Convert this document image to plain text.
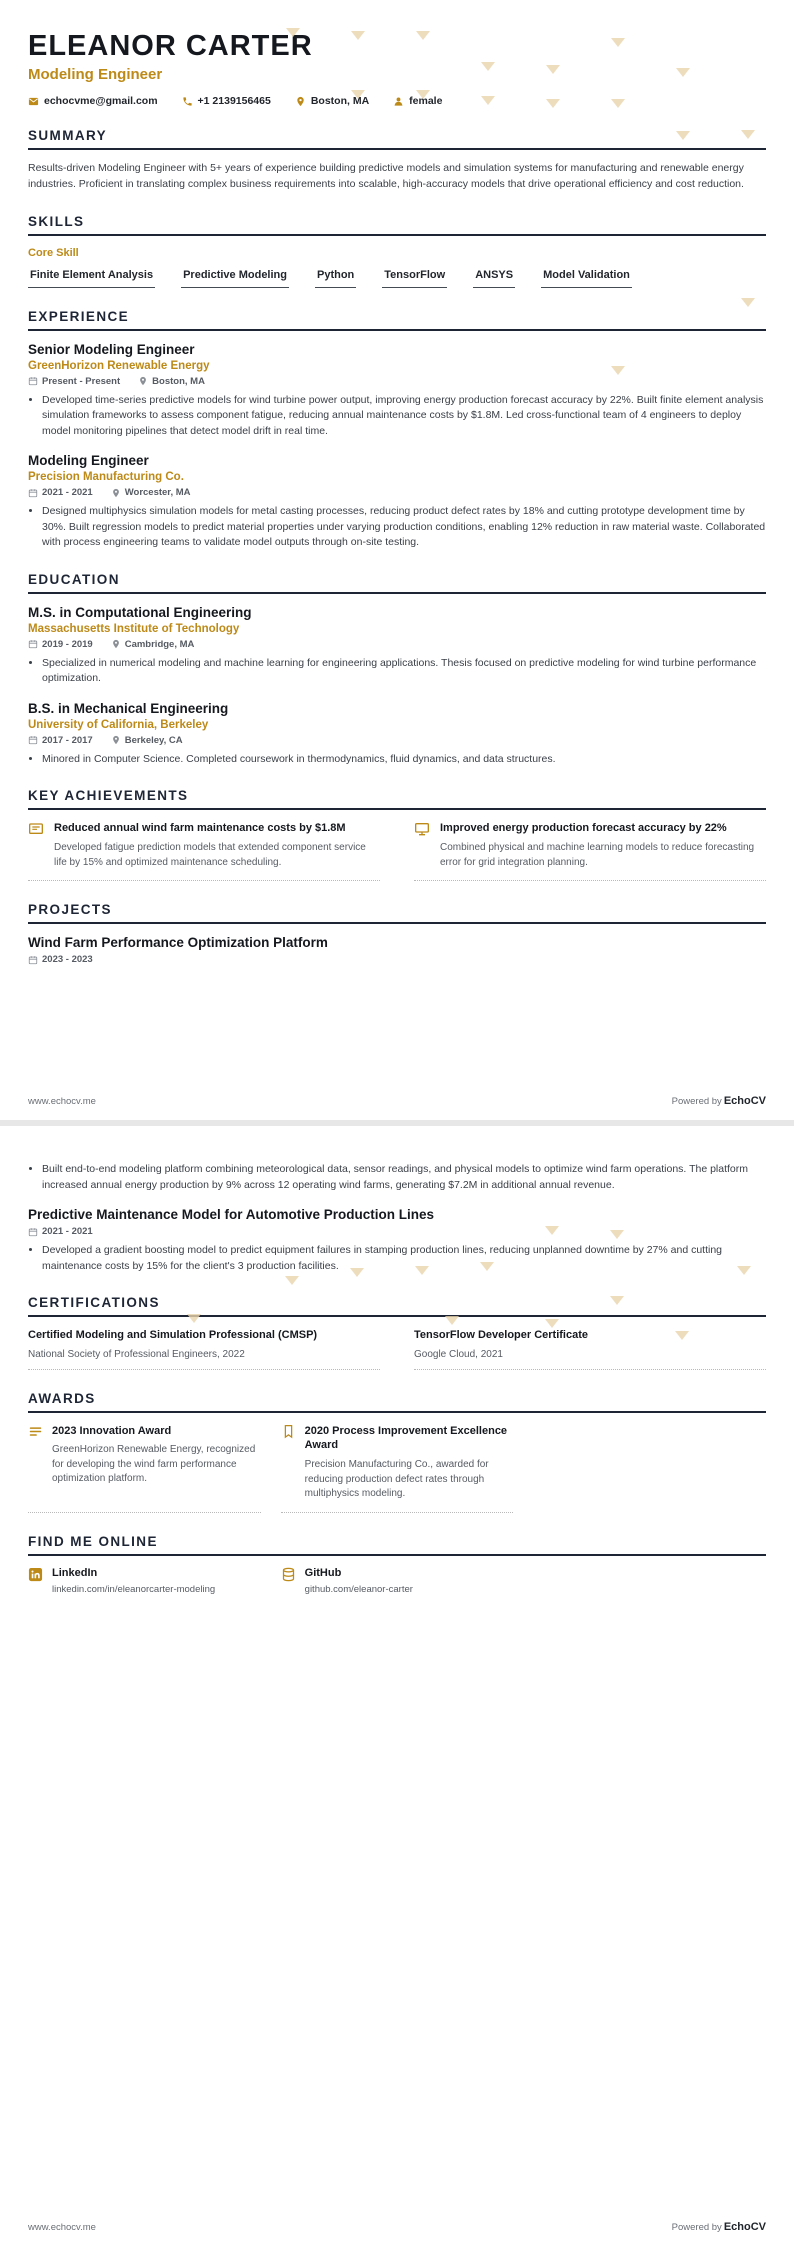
ELEANOR CARTER
Modeling Engineer
echocvme@gmail.com	+1 2139156465	Boston, MA	female
SUMMARY

Results-driven Modeling Engineer with 5+ years of experience building predictive models and simulation systems for manufacturing and renewable energy industries. Proficient in translating complex business requirements into scalable, high-accuracy models that drive operational efficiency and cost reduction.

SKILLS
Core Skill
Finite Element Analysis	Predictive Modeling	Python	TensorFlow	ANSYS	Model Validation
EXPERIENCE
Senior Modeling Engineer
GreenHorizon Renewable Energy
Present - Present	Boston, MA
• Developed time-series predictive models for wind turbine power output, improving energy production forecast accuracy by 22%. Built finite element analysis simulation frameworks to assess component fatigue, reducing annual maintenance costs by $1.8M. Led cross-functional team of 4 engineers to deploy model monitoring pipelines that detect model drift in real time.
Modeling Engineer
Precision Manufacturing Co.
2021 - 2021	Worcester, MA
• Designed multiphysics simulation models for metal casting processes, reducing product defect rates by 18% and cutting prototype development time by 30%. Built regression models to predict material properties under varying production conditions, enabling 12% reduction in raw material waste. Collaborated with process engineering teams to validate model outputs through on-site testing.
EDUCATION
M.S. in Computational Engineering
Massachusetts Institute of Technology
2019 - 2019	Cambridge, MA
• Specialized in numerical modeling and machine learning for engineering applications. Thesis focused on predictive modeling for wind turbine performance optimization.
B.S. in Mechanical Engineering
University of California, Berkeley
2017 - 2017	Berkeley, CA
• Minored in Computer Science. Completed coursework in thermodynamics, fluid dynamics, and data structures.
KEY ACHIEVEMENTS
Reduced annual wind farm maintenance costs by $1.8M
Developed fatigue prediction models that extended component service life by 15% and optimized maintenance scheduling.
Improved energy production forecast accuracy by 22%
Combined physical and machine learning models to reduce forecasting error for grid integration planning.
PROJECTS
Wind Farm Performance Optimization Platform
2023 - 2023
www.echocv.me	Powered by EchoCV
• Built end-to-end modeling platform combining meteorological data, sensor readings, and physical models to optimize wind farm operations. The platform increased annual energy production by 9% across 12 operating wind farms, generating $7.2M in additional annual revenue.
Predictive Maintenance Model for Automotive Production Lines
2021 - 2021
• Developed a gradient boosting model to predict equipment failures in stamping production lines, reducing unplanned downtime by 27% and cutting maintenance costs by 15% for the client's 3 production facilities.
CERTIFICATIONS
Certified Modeling and Simulation Professional (CMSP)
National Society of Professional Engineers, 2022
TensorFlow Developer Certificate
Google Cloud, 2021
AWARDS
2023 Innovation Award
GreenHorizon Renewable Energy, recognized for developing the wind farm performance optimization platform.
2020 Process Improvement Excellence Award
Precision Manufacturing Co., awarded for reducing production defect rates through multiphysics modeling.
FIND ME ONLINE
LinkedIn
linkedin.com/in/eleanorcarter-modeling
GitHub
github.com/eleanor-carter
www.echocv.me	Powered by EchoCV
